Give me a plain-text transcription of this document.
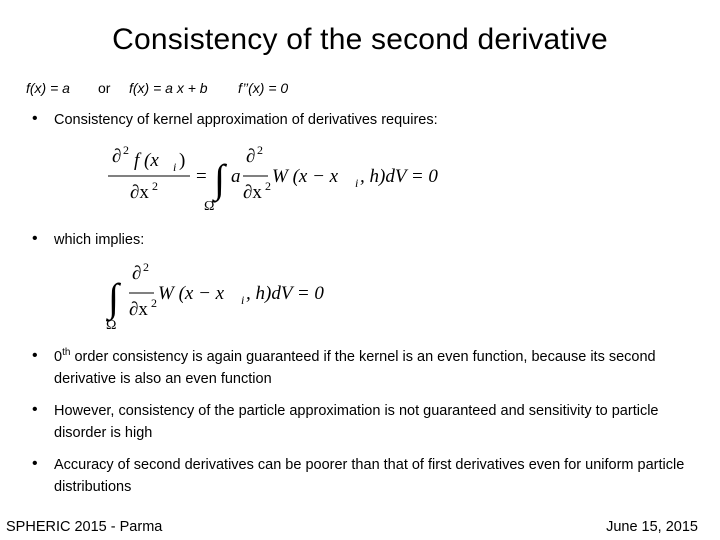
Consistency of the second derivative
f(x) = a or f(x) = a x + b f’’(x) = 0
• Consistency of kernel approximation of derivatives requires:
∂ 2 f (x i )
∂x 2 = ∫
Ω
a
∂ 2
∂x 2 W (x − x i , h)dV = 0
• which implies:
∫
Ω
∂ 2
∂x 2 W (x − x i , h)dV = 0
• 0th order consistency is again guaranteed if the kernel is an even function, because its second derivative is also an even function
• However, consistency of the particle approximation is not guaranteed and sensitivity to particle disorder is high
• Accuracy of second derivatives can be poorer than that of first derivatives even for uniform particle distributions
SPHERIC 2015 - Parma	June 15, 2015
